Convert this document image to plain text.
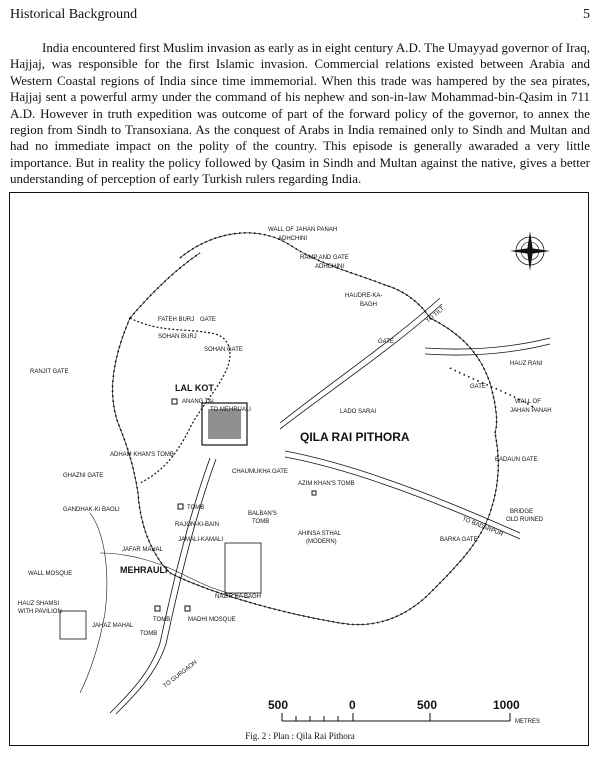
Historical Background	5

India encountered first Muslim invasion as early as in eight century A.D. The Umayyad governor of Iraq, Hajjaj, was responsible for the first Islamic invasion. Commercial relations existed between Arabia and Western Coastal regions of India since time immemorial. When this trade was hampered by the sea pirates, Hajjaj sent a powerful army under the command of his nephew and son-in-law Mohammad-bin-Qasim in 711 A.D. However in truth expedition was outcome of part of the forward policy of the governor, to annex the region from Sindh to Transoxiana. As the conquest of Arabs in India remained only to Sindh and Multan and had no immediate impact on the polity of the country. This episode is generally awaraded a very little importance. But in reality the policy followed by Qasim in Sindh and Multan against the native, gives a better understanding of perception of early Turkish rulers regarding India.

WALL OF JAHAN PANAH
ADHCHINI
RAMP AND GATE
ADHCHINI
HAUDRE-KA-
BAGH
TO TILT
FATEH BURJ GATE
SOHAN BURJ
SOHAN GATE
GATE
RANJIT GATE
GATE
HAUZ RANI
WALL OF
JAHAN PANAH
LAL KOT
ANANG TAL
TO MEHRUALI	LADO SARAI
QILA RAI PITHORA
ADHAM KHAN'S TOMB
BADAUN GATE
GHAZNI GATE
CHAUMUKHA GATE
AZIM KHAN'S TOMB
GANDHAK-KI BAOLI	TOMB
RAJON-KI-BAIN
BALBAN'S
TOMB
BRIDGE
OLD RUINED
JAFAR MAHAL
JAMALI-KAMALI
AHINSA STHAL
(MODERN)
TO BADARPUR
BARKA GATE
WALL MOSQUE	MEHRAULI
HAUZ SHAMSI
WITH PAVILION
NAZIR KA BAGH
JAHAZ MAHAL
TOMB	MADHI MOSQUE
TOMB
TO GURGAON
500	0	500	1000
METRES
Fig. 2 : Plan : Qila Rai Pithora
